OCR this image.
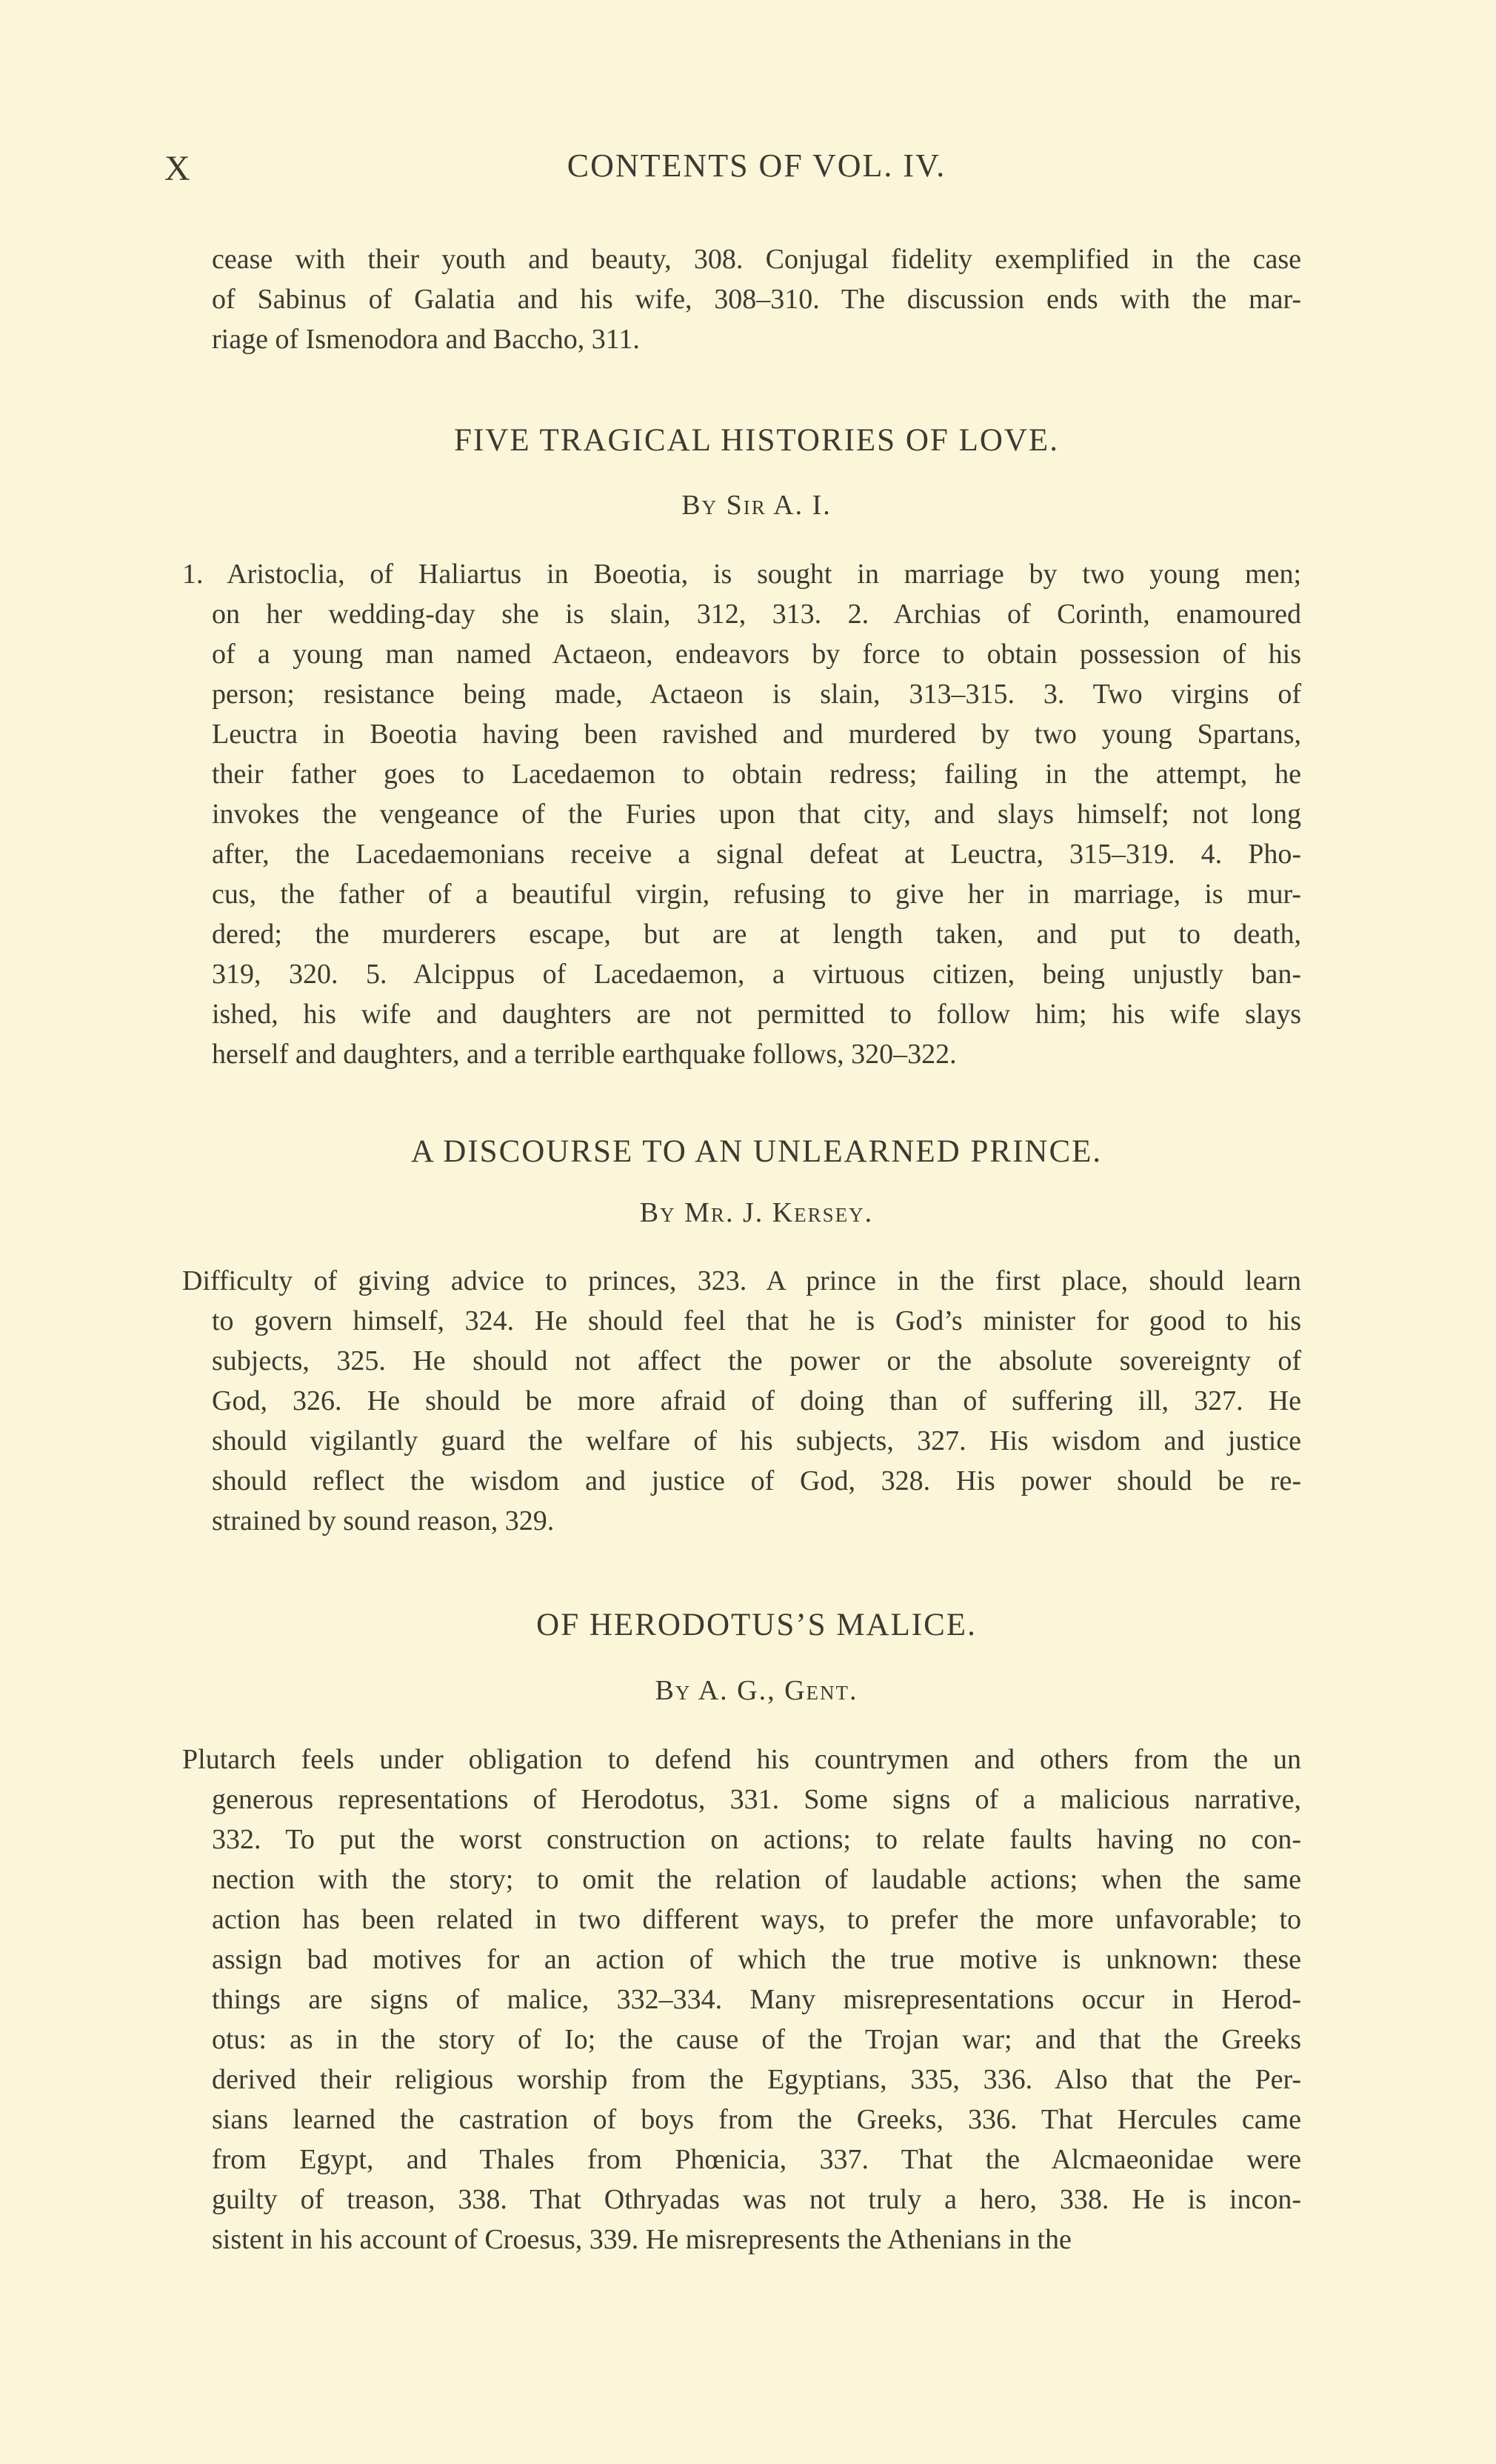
X	CONTENTS OF VOL. IV.
cease with their youth and beauty, 308. Conjugal fidelity exemplified in the case
of Sabinus of Galatia and his wife, 308–310. The discussion ends with the mar-
riage of Ismenodora and Baccho, 311.
FIVE TRAGICAL HISTORIES OF LOVE.
By Sir A. I.
1. Aristoclia, of Haliartus in Boeotia, is sought in marriage by two young men;
on her wedding-day she is slain, 312, 313. 2. Archias of Corinth, enamoured
of a young man named Actaeon, endeavors by force to obtain possession of his
person; resistance being made, Actaeon is slain, 313–315. 3. Two virgins of
Leuctra in Boeotia having been ravished and murdered by two young Spartans,
their father goes to Lacedaemon to obtain redress; failing in the attempt, he
invokes the vengeance of the Furies upon that city, and slays himself; not long
after, the Lacedaemonians receive a signal defeat at Leuctra, 315–319. 4. Pho-
cus, the father of a beautiful virgin, refusing to give her in marriage, is mur-
dered; the murderers escape, but are at length taken, and put to death,
319, 320. 5. Alcippus of Lacedaemon, a virtuous citizen, being unjustly ban-
ished, his wife and daughters are not permitted to follow him; his wife slays
herself and daughters, and a terrible earthquake follows, 320–322.
A DISCOURSE TO AN UNLEARNED PRINCE.
By Mr. J. Kersey.
Difficulty of giving advice to princes, 323. A prince in the first place, should learn
to govern himself, 324. He should feel that he is God’s minister for good to his
subjects, 325. He should not affect the power or the absolute sovereignty of
God, 326. He should be more afraid of doing than of suffering ill, 327. He
should vigilantly guard the welfare of his subjects, 327. His wisdom and justice
should reflect the wisdom and justice of God, 328. His power should be re-
strained by sound reason, 329.
OF HERODOTUS’S MALICE.
By A. G., Gent.
Plutarch feels under obligation to defend his countrymen and others from the un
generous representations of Herodotus, 331. Some signs of a malicious narrative,
332. To put the worst construction on actions; to relate faults having no con-
nection with the story; to omit the relation of laudable actions; when the same
action has been related in two different ways, to prefer the more unfavorable; to
assign bad motives for an action of which the true motive is unknown: these
things are signs of malice, 332–334. Many misrepresentations occur in Herod-
otus: as in the story of Io; the cause of the Trojan war; and that the Greeks
derived their religious worship from the Egyptians, 335, 336. Also that the Per-
sians learned the castration of boys from the Greeks, 336. That Hercules came
from Egypt, and Thales from Phœnicia, 337. That the Alcmaeonidae were
guilty of treason, 338. That Othryadas was not truly a hero, 338. He is incon-
sistent in his account of Croesus, 339. He misrepresents the Athenians in the
